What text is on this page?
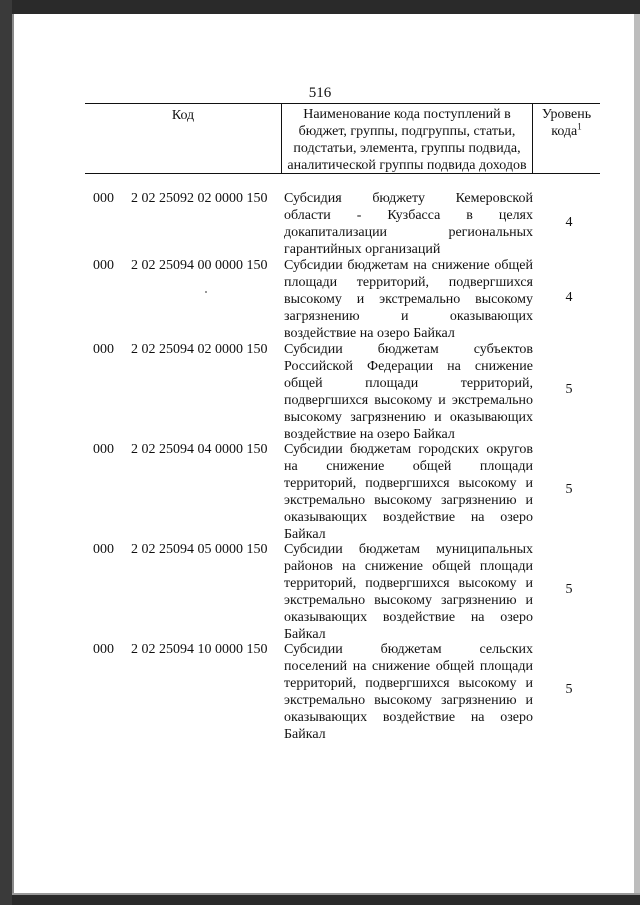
516
Код	Наименование кода поступлений в
бюджет, группы, подгруппы, статьи,
подстатьи, элемента, группы подвида,
аналитической группы подвида доходов
Уровень
кода$^1$
000 2 02 25092 02 0000 150 Субсидия бюджету Кемеровской
области - Кузбасса в целях
докапитализации региональных
гарантийных организаций
4
000 2 02 25094 00 0000 150 Субсидии бюджетам на снижение общей
площади территорий, подвергшихся
высокому и экстремально высокому
загрязнению и оказывающих
воздействие на озеро Байкал
4
000 2 02 25094 02 0000 150 Субсидии бюджетам субъектов
Российской Федерации на снижение
общей площади территорий,
подвергшихся высокому и экстремально
высокому загрязнению и оказывающих
воздействие на озеро Байкал
5
000 2 02 25094 04 0000 150 Субсидии бюджетам городских округов
на снижение общей площади
территорий, подвергшихся высокому и
экстремально высокому загрязнению и
оказывающих воздействие на озеро
Байкал
5
000 2 02 25094 05 0000 150 Субсидии бюджетам муниципальных
районов на снижение общей площади
территорий, подвергшихся высокому и
экстремально высокому загрязнению и
оказывающих воздействие на озеро
Байкал
5
000 2 02 25094 10 0000 150 Субсидии бюджетам сельских
поселений на снижение общей площади
территорий, подвергшихся высокому и
экстремально высокому загрязнению и
оказывающих воздействие на озеро
Байкал
5
